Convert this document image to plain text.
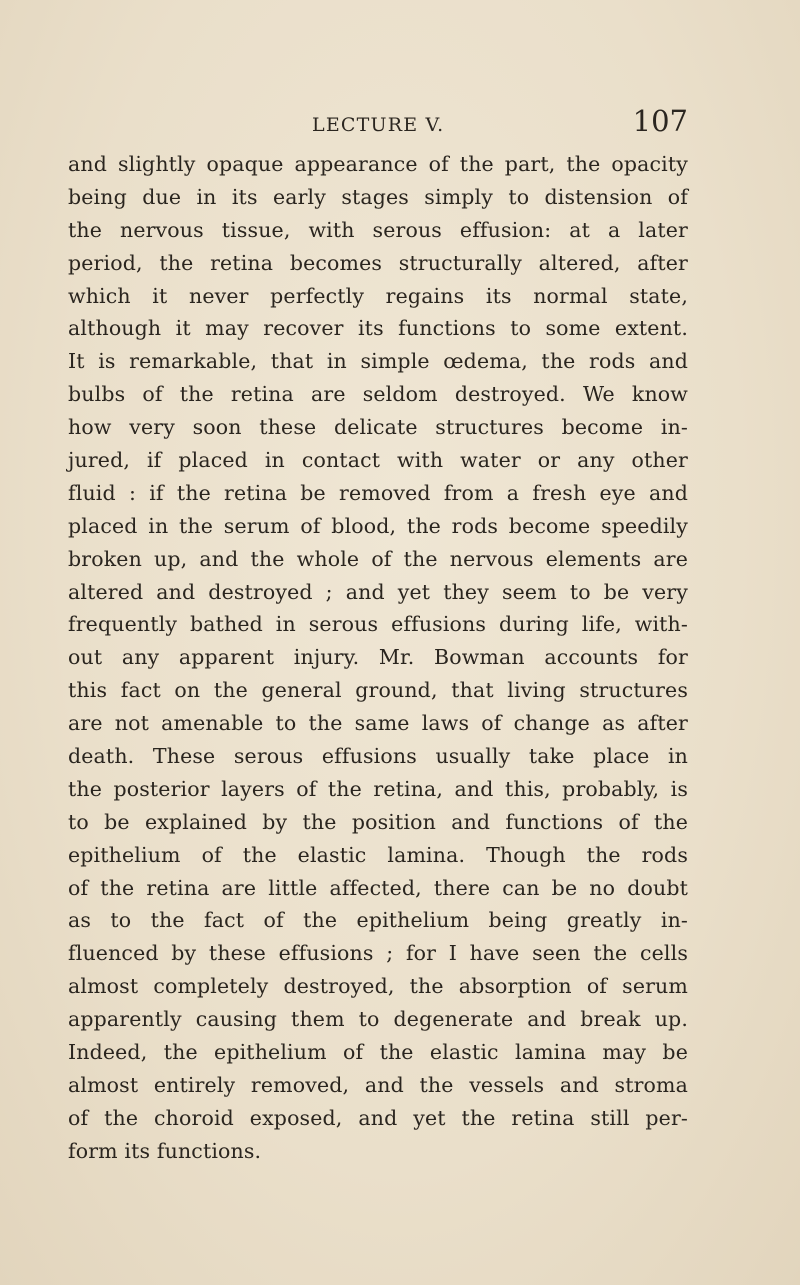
LECTURE V.	107
and slightly opaque appearance of the part, the opacity
being due in its early stages simply to distension of
the nervous tissue, with serous effusion: at a later
period, the retina becomes structurally altered, after
which it never perfectly regains its normal state,
although it may recover its functions to some extent.
It is remarkable, that in simple œdema, the rods and
bulbs of the retina are seldom destroyed. We know
how very soon these delicate structures become in-
jured, if placed in contact with water or any other
fluid : if the retina be removed from a fresh eye and
placed in the serum of blood, the rods become speedily
broken up, and the whole of the nervous elements are
altered and destroyed ; and yet they seem to be very
frequently bathed in serous effusions during life, with-
out any apparent injury. Mr. Bowman accounts for
this fact on the general ground, that living structures
are not amenable to the same laws of change as after
death. These serous effusions usually take place in
the posterior layers of the retina, and this, probably, is
to be explained by the position and functions of the
epithelium of the elastic lamina. Though the rods
of the retina are little affected, there can be no doubt
as to the fact of the epithelium being greatly in-
fluenced by these effusions ; for I have seen the cells
almost completely destroyed, the absorption of serum
apparently causing them to degenerate and break up.
Indeed, the epithelium of the elastic lamina may be
almost entirely removed, and the vessels and stroma
of the choroid exposed, and yet the retina still per-
form its functions.
